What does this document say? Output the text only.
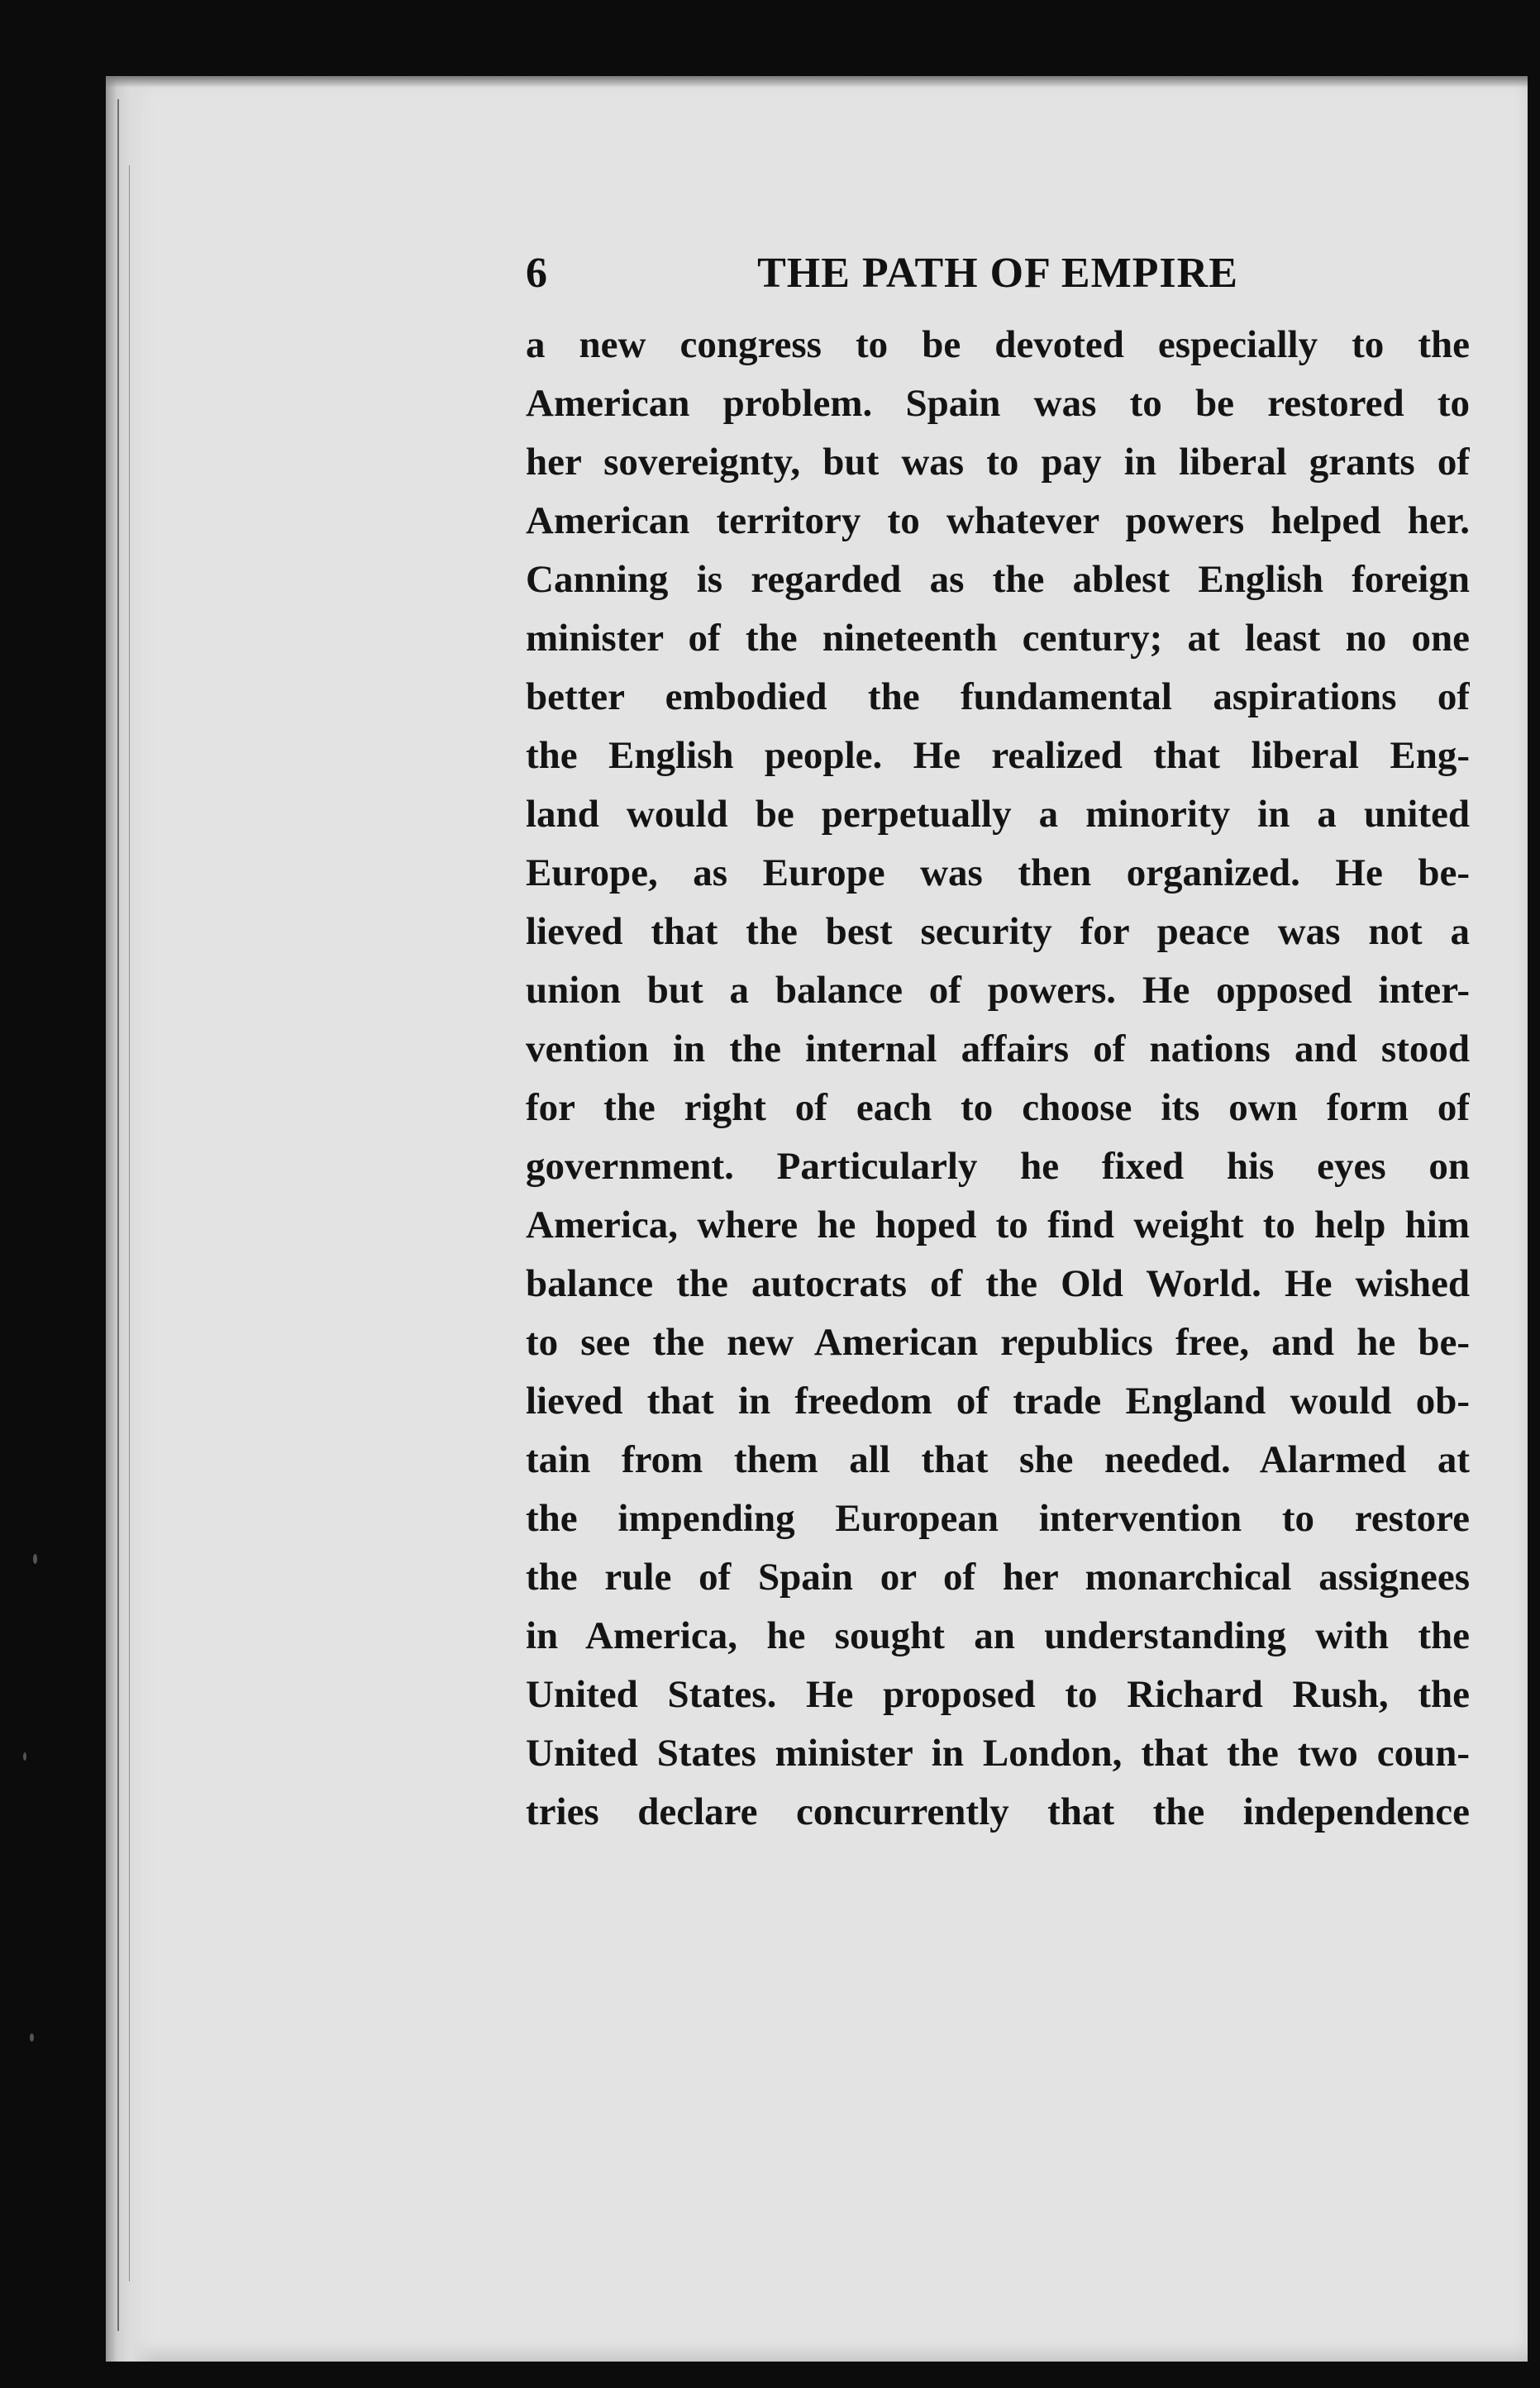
6	THE PATH OF EMPIRE
a new congress to be devoted especially to the
American problem. Spain was to be restored to
her sovereignty, but was to pay in liberal grants of
American territory to whatever powers helped her.
Canning is regarded as the ablest English foreign
minister of the nineteenth century; at least no one
better embodied the fundamental aspirations of
the English people. He realized that liberal Eng-
land would be perpetually a minority in a united
Europe, as Europe was then organized. He be-
lieved that the best security for peace was not a
union but a balance of powers. He opposed inter-
vention in the internal affairs of nations and stood
for the right of each to choose its own form of
government. Particularly he fixed his eyes on
America, where he hoped to find weight to help him
balance the autocrats of the Old World. He wished
to see the new American republics free, and he be-
lieved that in freedom of trade England would ob-
tain from them all that she needed. Alarmed at
the impending European intervention to restore
the rule of Spain or of her monarchical assignees
in America, he sought an understanding with the
United States. He proposed to Richard Rush, the
United States minister in London, that the two coun-
tries declare concurrently that the independence
